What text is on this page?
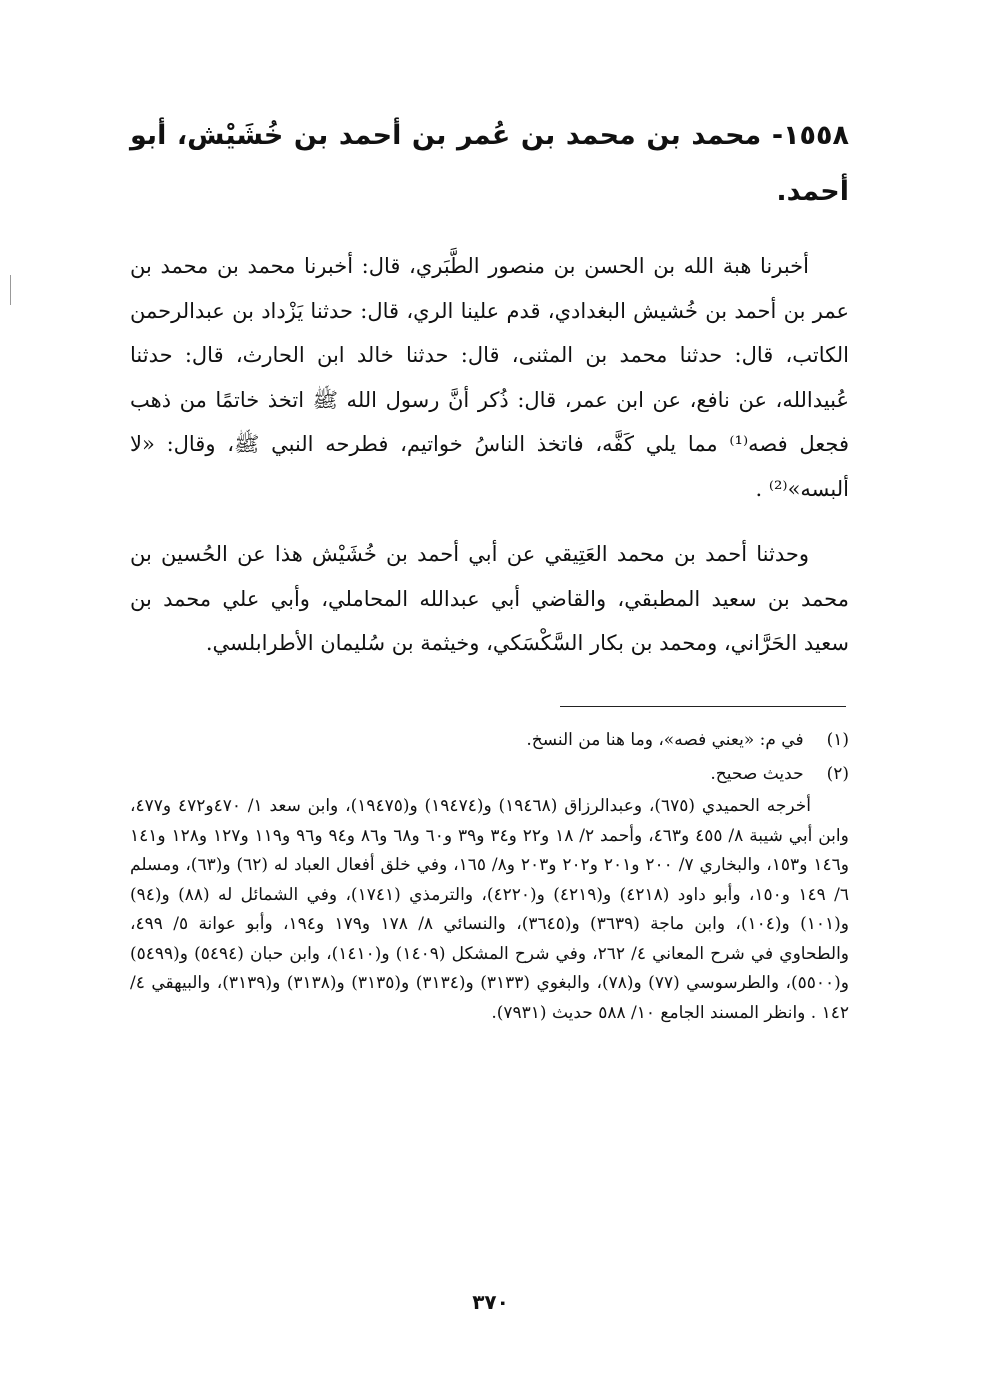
١٥٥٨- محمد بن محمد بن عُمر بن أحمد بن خُشَيْش، أبو أحمد.
أخبرنا هبة الله بن الحسن بن منصور الطَّبَري، قال: أخبرنا محمد بن محمد بن عمر بن أحمد بن خُشيش البغدادي، قدم علينا الري، قال: حدثنا يَزْداد بن عبدالرحمن الكاتب، قال: حدثنا محمد بن المثنى، قال: حدثنا خالد ابن الحارث، قال: حدثنا عُبيدالله، عن نافع، عن ابن عمر، قال: ذُكر أنَّ رسول الله ﷺ اتخذ خاتمًا من ذهب فجعل فصه⁽¹⁾ مما يلي كَفَّه، فاتخذ الناسُ خواتيم، فطرحه النبي ﷺ، وقال: «لا ألبسه»⁽²⁾ .
وحدثنا أحمد بن محمد العَتِيقي عن أبي أحمد بن خُشَيْش هذا عن الحُسين بن محمد بن سعيد المطبقي، والقاضي أبي عبدالله المحاملي، وأبي علي محمد بن سعيد الحَرَّاني، ومحمد بن بكار السَّكْسَكي، وخيثمة بن سُليمان الأطرابلسي.
(١) في م: «يعني فصه»، وما هنا من النسخ.
(٢) حديث صحيح.
أخرجه الحميدي (٦٧٥)، وعبدالرزاق (١٩٤٦٨) و(١٩٤٧٤) و(١٩٤٧٥)، وابن سعد ١/ ٤٧٠و٤٧٢ و٤٧٧، وابن أبي شيبة ٨/ ٤٥٥ و٤٦٣، وأحمد ٢/ ١٨ و٢٢ و٣٤ و٣٩ و٦٠ و٦٨ و٨٦ و٩٤ و٩٦ و١١٩ و١٢٧ و١٢٨ و١٤١ و١٤٦ و١٥٣، والبخاري ٧/ ٢٠٠ و٢٠١ و٢٠٢ و٢٠٣ و٨/ ١٦٥، وفي خلق أفعال العباد له (٦٢) و(٦٣)، ومسلم ٦/ ١٤٩ و١٥٠، وأبو داود (٤٢١٨) و(٤٢١٩) و(٤٢٢٠)، والترمذي (١٧٤١)، وفي الشمائل له (٨٨) و(٩٤) و(١٠١) و(١٠٤)، وابن ماجة (٣٦٣٩) و(٣٦٤٥)، والنسائي ٨/ ١٧٨ و١٧٩ و١٩٤، وأبو عوانة ٥/ ٤٩٩، والطحاوي في شرح المعاني ٤/ ٢٦٢، وفي شرح المشكل (١٤٠٩) و(١٤١٠)، وابن حبان (٥٤٩٤) و(٥٤٩٩) و(٥٥٠٠)، والطرسوسي (٧٧) و(٧٨)، والبغوي (٣١٣٣) و(٣١٣٤) و(٣١٣٥) و(٣١٣٨) و(٣١٣٩)، والبيهقي ٤/ ١٤٢ . وانظر المسند الجامع ١٠/ ٥٨٨ حديث (٧٩٣١).
٣٧٠
